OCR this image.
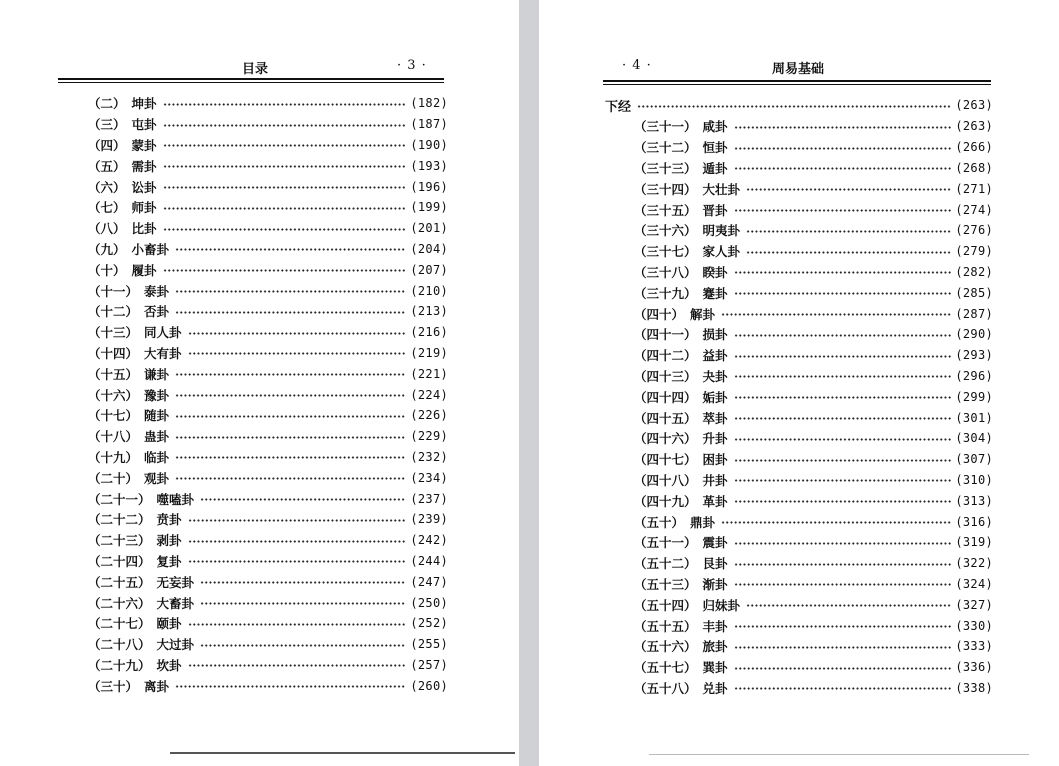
目录	· 3 ·
（二） 坤卦	(182)
（三） 屯卦	(187)
（四） 蒙卦	(190)
（五） 需卦	(193)
（六） 讼卦	(196)
（七） 师卦	(199)
（八） 比卦	(201)
（九） 小畜卦	(204)
（十） 履卦	(207)
（十一） 泰卦	(210)
（十二） 否卦	(213)
（十三） 同人卦	(216)
（十四） 大有卦	(219)
（十五） 谦卦	(221)
（十六） 豫卦	(224)
（十七） 随卦	(226)
（十八） 蛊卦	(229)
（十九） 临卦	(232)
（二十） 观卦	(234)
（二十一） 噬嗑卦	(237)
（二十二） 贲卦	(239)
（二十三） 剥卦	(242)
（二十四） 复卦	(244)
（二十五） 无妄卦	(247)
（二十六） 大畜卦	(250)
（二十七） 颐卦	(252)
（二十八） 大过卦	(255)
（二十九） 坎卦	(257)
（三十） 离卦	(260)
· 4 ·	周易基础
下经	(263)
（三十一） 咸卦	(263)
（三十二） 恒卦	(266)
（三十三） 遁卦	(268)
（三十四） 大壮卦	(271)
（三十五） 晋卦	(274)
（三十六） 明夷卦	(276)
（三十七） 家人卦	(279)
（三十八） 睽卦	(282)
（三十九） 蹇卦	(285)
（四十） 解卦	(287)
（四十一） 损卦	(290)
（四十二） 益卦	(293)
（四十三） 夬卦	(296)
（四十四） 姤卦	(299)
（四十五） 萃卦	(301)
（四十六） 升卦	(304)
（四十七） 困卦	(307)
（四十八） 井卦	(310)
（四十九） 革卦	(313)
（五十） 鼎卦	(316)
（五十一） 震卦	(319)
（五十二） 艮卦	(322)
（五十三） 渐卦	(324)
（五十四） 归妹卦	(327)
（五十五） 丰卦	(330)
（五十六） 旅卦	(333)
（五十七） 巽卦	(336)
（五十八） 兑卦	(338)
